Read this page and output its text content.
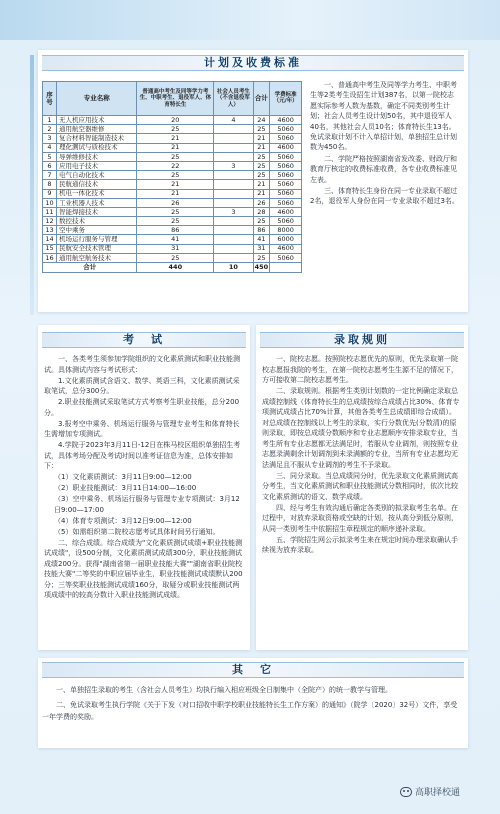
计划及收费标准
序号	专业名称	普通高中考生及同等学力考生、中职考生、退役军人、体育特长生	社会人员考生（不含退役军人）	合计	学费标准（元/年）
1	无人机应用技术	20	4	24	4600
2	通用航空器维修	25		25	5060
3	复合材料智能制造技术	21		21	5060
4	理化测试与质检技术	21		21	4600
5	导弹维修技术	25		25	5060
6	应用电子技术	22	3	25	5060
7	电气自动化技术	25		25	5060
8	民航通信技术	21		21	5060
9	机电一体化技术	21		21	5060
10	工业机器人技术	26		26	5060
11	智能焊接技术	25	3	28	4600
12	数控技术	25		25	5060
13	空中乘务	86		86	8000
14	机场运行服务与管理	41		41	6000
15	民航安全技术管理	31		31	4600
16	通用航空航务技术	25		25	5060
合计		440	10	450	

一、普通高中考生及同等学力考生、中职考生等2类考生设招生计划387名，以第一院校志愿实际参考人数为基数，确定不同类别考生计划；社会人员考生设计划50名，其中退役军人40名，其他社会人员10名；体育特长生13名。免试录取计划不计入单招计划，单独招生总计划数为450名。

二、学院严格按照湖南省发改委、财政厅和教育厅核定的收费标准收费，各专业收费标准见左表。

三、体育特长生身份在同一专业录取不超过2名，退役军人身份在同一专业录取不超过3名。

考　试

一、各类考生须参加学院组织的文化素质测试和职业技能测试。具体测试内容与考试形式：

1.文化素质测试含语文、数学、英语三科，文化素质测试采取笔试，总分300分。

2.职业技能测试采取笔试方式考察考生职业技能，总分200分。

3.报考空中乘务、机场运行服务与管理专业考生和体育特长生需增加专项测试。

4.学院于2023年3月11日-12日在株马校区组织单独招生考试，具体考场分配及考试时间以准考证信息为准，总体安排如下：

（1）文化素质测试：3月11日9:00—12:00

（2）职业技能测试：3月11日14:00—16:00

（3）空中乘务、机场运行服务与管理专业专项测试：3月12日9:00—17:00

（4）体育专项测试：3月12日9:00—12:00

（5）如需组织第二院校志愿考试具体时间另行通知。

二、综合成绩。综合成绩为"文化素质测试成绩+职业技能测试成绩"，设500分制，文化素质测试成绩300分，职业技能测试成绩200分。获得"湖南省第一届职业技能大赛""湖南省职业院校技能大赛"二等奖的中职应届毕业生，职业技能测试成绩默认200分；三等奖职业技能测试成绩160分，取疑分或职业技能测试两项成绩中的较高分数计入职业技能测试成绩。

录取规则

一、院校志愿。按照院校志愿优先的原则，优先录取第一院校志愿报我院的考生，在第一院校志愿考生生源不足的情况下，方可接收第二院校志愿考生。

二、录取规则。根据考生类别计划数的一定比例确定录取总成绩控制线（体育特长生的总成绩按综合成绩占比30%、体育专项测试成绩占比70%计算，其他各类考生总成绩即综合成绩）。对总成绩在控制线以上考生的录取，实行分数优先(分数清)的原则录取，即按总成绩分数顺序和专业志愿顺序安排录取专业，当考生所有专业志愿都无法满足时，若服从专业调剂，则按照专业志愿录满剩余计划调剂到未录满额的专业，当所有专业志愿均无法满足且不服从专业调剂的考生不予录取。

三、同分录取。当总成绩同分时，优先录取文化素质测试高分考生，当文化素质测试和职业技能测试分数相同时，依次比较文化素质测试的语文、数学成绩。

四、经与考生有效沟通后确定各类别的拟录取考生名单。在过程中，对放弃录取资格或空缺的计划，按从高分到低分原则，从同一类别考生中依据招生章程规定的顺序递补录取。

五、学院招生网公示拟录考生来在规定时间办理录取确认手续视为放弃录取。

其　它

一、单独招生录取的考生（含社会人员考生）均执行编入相应班级全日制集中（全院产）的统一教学与管理。

二、免试录取考生执行学院《关于下发（对口招收中职学校职业技能特长生工作方案）的通知》（院学〔2020〕32号）文件，享受一年学费的奖励。

高职择校通
